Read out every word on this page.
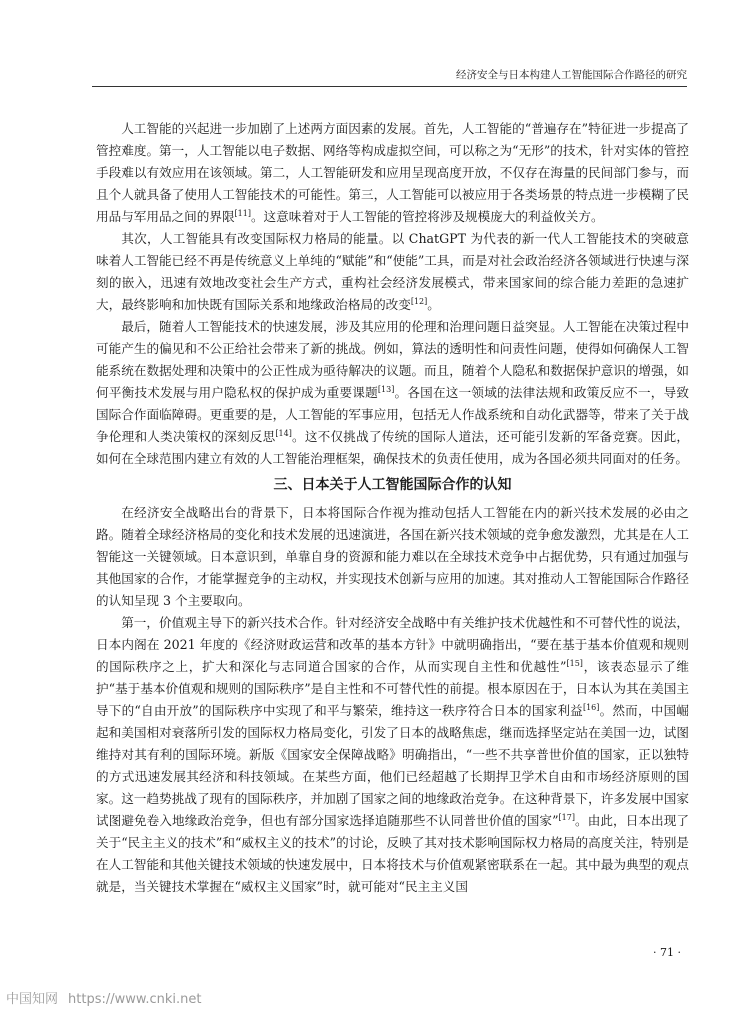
经济安全与日本构建人工智能国际合作路径的研究

人工智能的兴起进一步加剧了上述两方面因素的发展。首先，人工智能的“普遍存在”特征进一步提高了管控难度。第一，人工智能以电子数据、网络等构成虚拟空间，可以称之为“无形”的技术，针对实体的管控手段难以有效应用在该领域。第二，人工智能研发和应用呈现高度开放，不仅存在海量的民间部门参与，而且个人就具备了使用人工智能技术的可能性。第三，人工智能可以被应用于各类场景的特点进一步模糊了民用品与军用品之间的界限[11]。这意味着对于人工智能的管控将涉及规模庞大的利益攸关方。

其次，人工智能具有改变国际权力格局的能量。以 ChatGPT 为代表的新一代人工智能技术的突破意味着人工智能已经不再是传统意义上单纯的“赋能”和“使能”工具，而是对社会政治经济各领域进行快速与深刻的嵌入，迅速有效地改变社会生产方式，重构社会经济发展模式，带来国家间的综合能力差距的急速扩大，最终影响和加快既有国际关系和地缘政治格局的改变[12]。

最后，随着人工智能技术的快速发展，涉及其应用的伦理和治理问题日益突显。人工智能在决策过程中可能产生的偏见和不公正给社会带来了新的挑战。例如，算法的透明性和问责性问题，使得如何确保人工智能系统在数据处理和决策中的公正性成为亟待解决的议题。而且，随着个人隐私和数据保护意识的增强，如何平衡技术发展与用户隐私权的保护成为重要课题[13]。各国在这一领域的法律法规和政策反应不一，导致国际合作面临障碍。更重要的是，人工智能的军事应用，包括无人作战系统和自动化武器等，带来了关于战争伦理和人类决策权的深刻反思[14]。这不仅挑战了传统的国际人道法，还可能引发新的军备竞赛。因此，如何在全球范围内建立有效的人工智能治理框架，确保技术的负责任使用，成为各国必须共同面对的任务。

三、日本关于人工智能国际合作的认知

在经济安全战略出台的背景下，日本将国际合作视为推动包括人工智能在内的新兴技术发展的必由之路。随着全球经济格局的变化和技术发展的迅速演进，各国在新兴技术领域的竞争愈发激烈，尤其是在人工智能这一关键领域。日本意识到，单靠自身的资源和能力难以在全球技术竞争中占据优势，只有通过加强与其他国家的合作，才能掌握竞争的主动权，并实现技术创新与应用的加速。其对推动人工智能国际合作路径的认知呈现 3 个主要取向。

第一，价值观主导下的新兴技术合作。针对经济安全战略中有关维护技术优越性和不可替代性的说法，日本内阁在 2021 年度的《经济财政运营和改革的基本方针》中就明确指出，“要在基于基本价值观和规则的国际秩序之上，扩大和深化与志同道合国家的合作，从而实现自主性和优越性”[15]，该表态显示了维护“基于基本价值观和规则的国际秩序”是自主性和不可替代性的前提。根本原因在于，日本认为其在美国主导下的“自由开放”的国际秩序中实现了和平与繁荣，维持这一秩序符合日本的国家利益[16]。然而，中国崛起和美国相对衰落所引发的国际权力格局变化，引发了日本的战略焦虑，继而选择坚定站在美国一边，试图维持对其有利的国际环境。新版《国家安全保障战略》明确指出，“一些不共享普世价值的国家，正以独特的方式迅速发展其经济和科技领域。在某些方面，他们已经超越了长期捍卫学术自由和市场经济原则的国家。这一趋势挑战了现有的国际秩序，并加剧了国家之间的地缘政治竞争。在这种背景下，许多发展中国家试图避免卷入地缘政治竞争，但也有部分国家选择追随那些不认同普世价值的国家”[17]。由此，日本出现了关于“民主主义的技术”和“威权主义的技术”的讨论，反映了其对技术影响国际权力格局的高度关注，特别是在人工智能和其他关键技术领域的快速发展中，日本将技术与价值观紧密联系在一起。其中最为典型的观点就是，当关键技术掌握在“威权主义国家”时，就可能对“民主主义国

· 71 ·
中国知网 https://www.cnki.net
